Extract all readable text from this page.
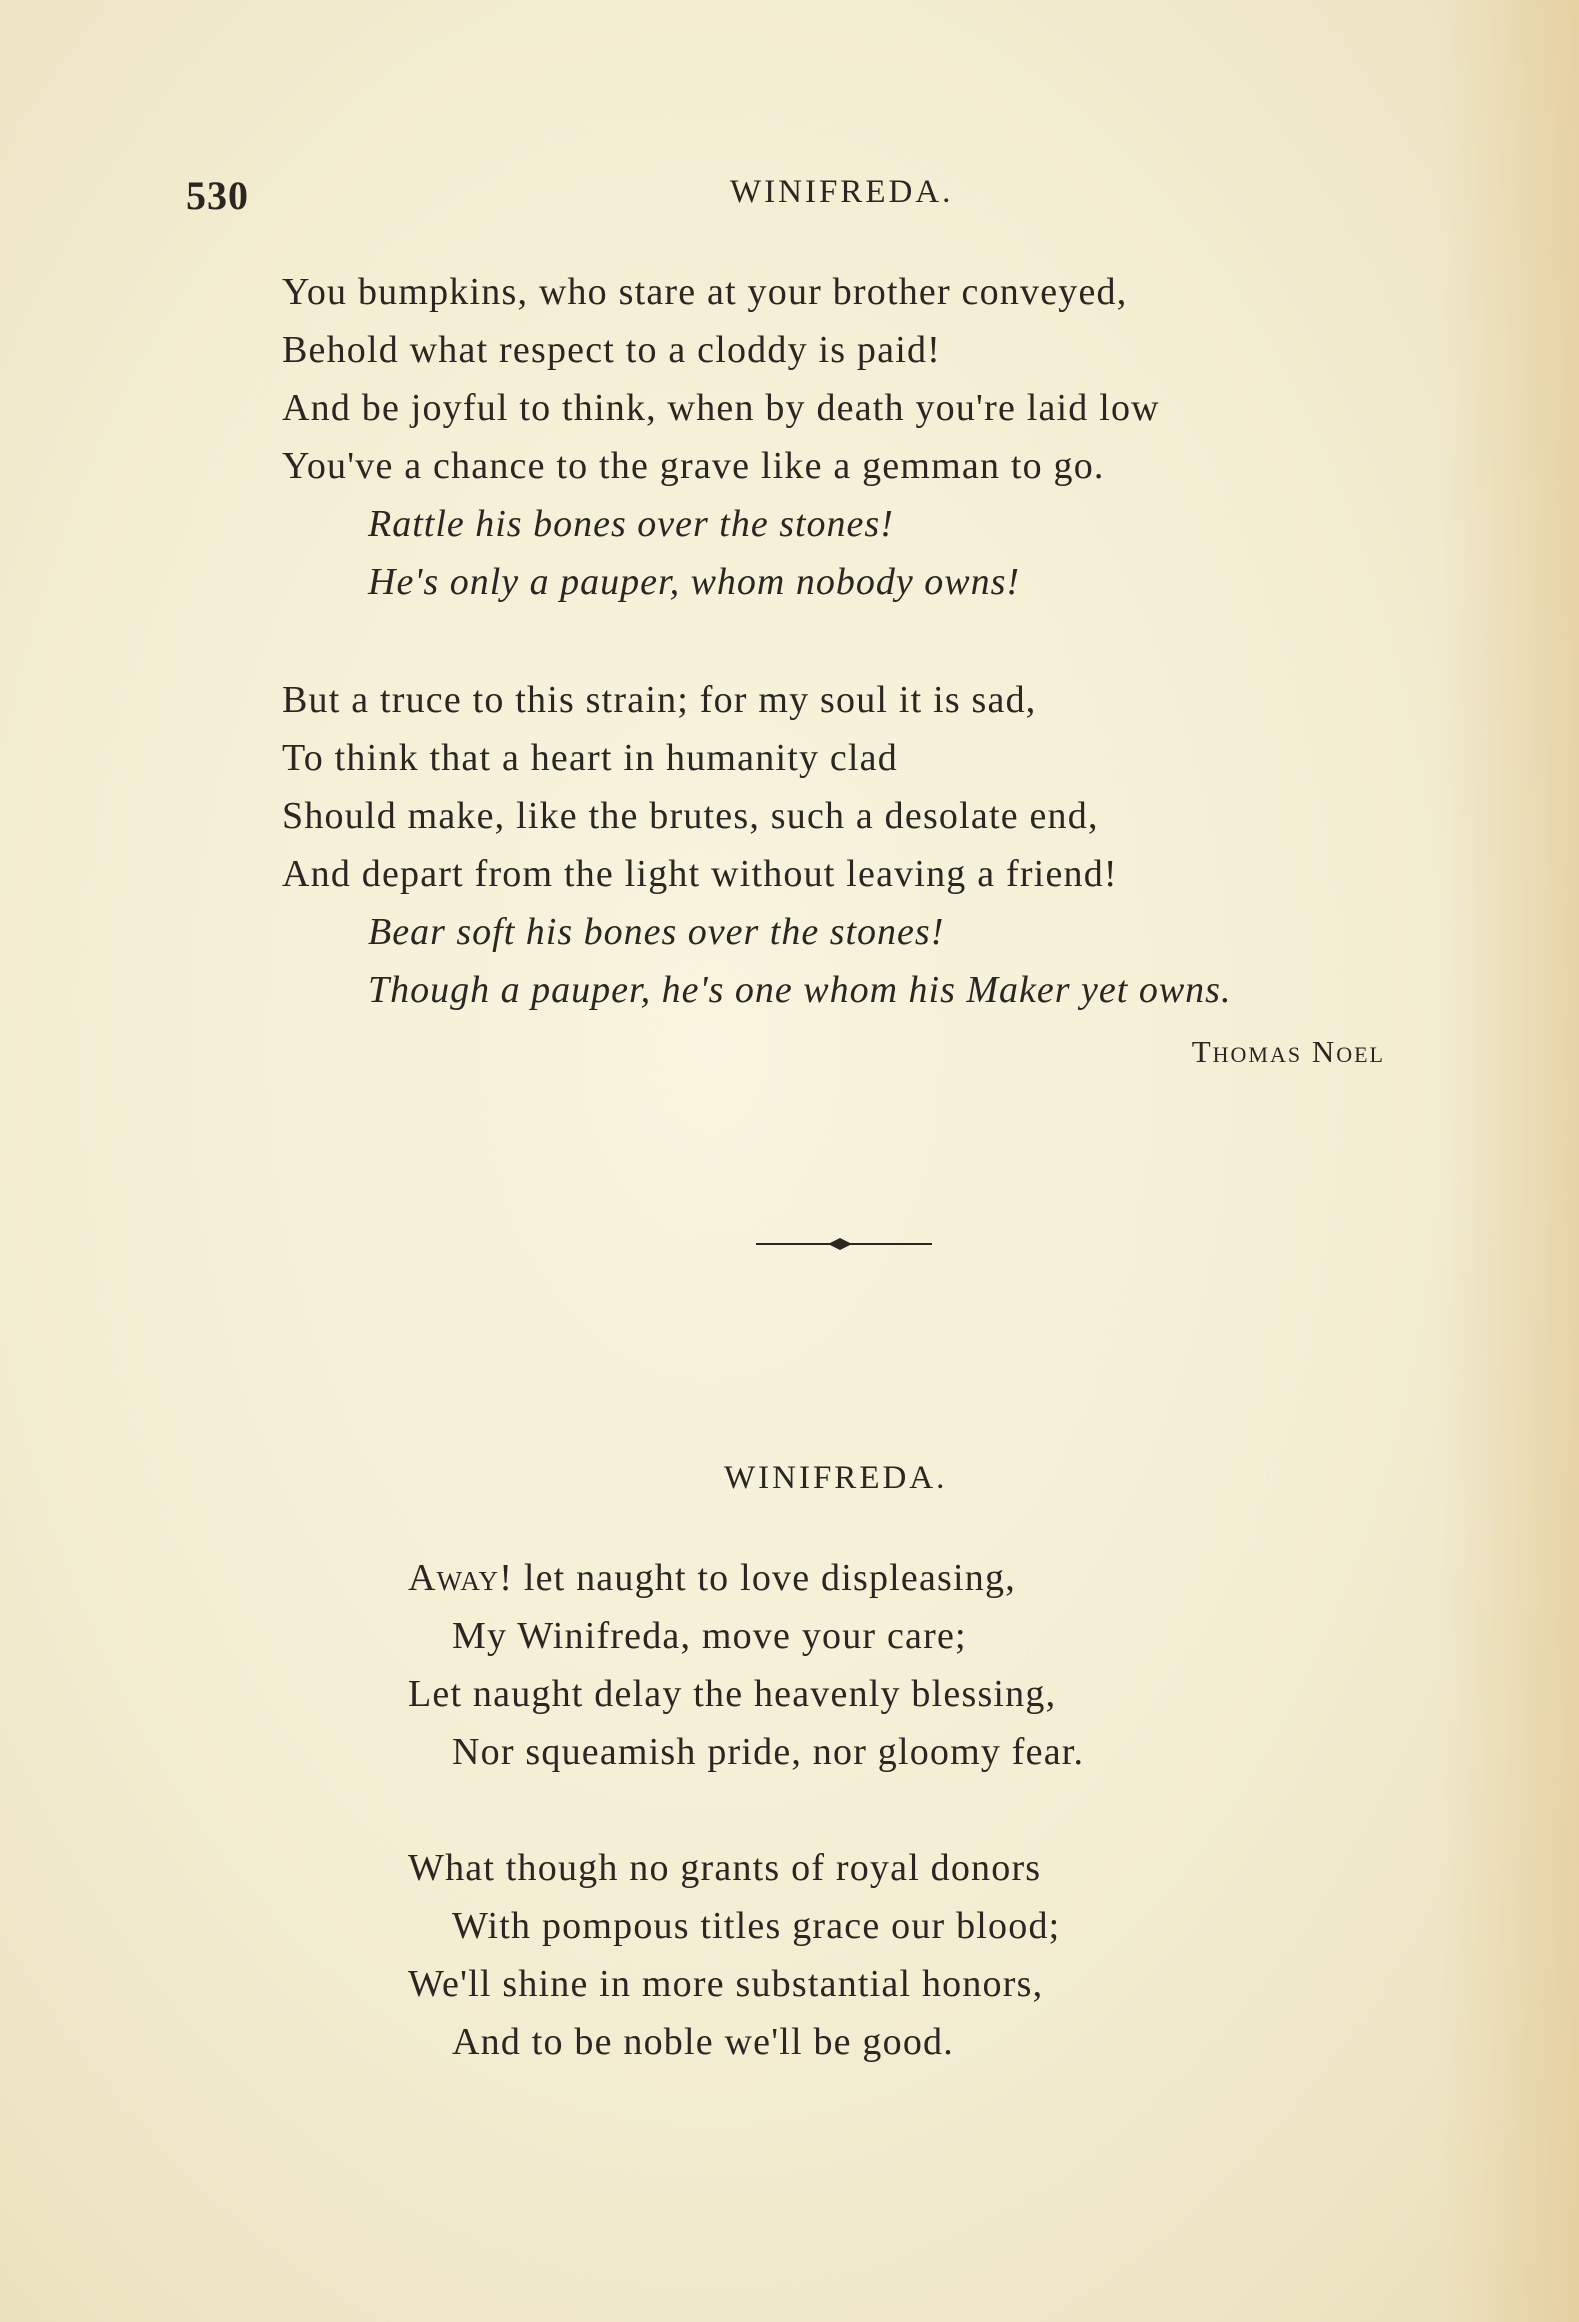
530	WINIFREDA.
You bumpkins, who stare at your brother conveyed,
Behold what respect to a cloddy is paid!
And be joyful to think, when by death you're laid low
You've a chance to the grave like a gemman to go.
Rattle his bones over the stones!
He's only a pauper, whom nobody owns!
But a truce to this strain; for my soul it is sad,
To think that a heart in humanity clad
Should make, like the brutes, such a desolate end,
And depart from the light without leaving a friend!
Bear soft his bones over the stones!
Though a pauper, he's one whom his Maker yet owns.
Thomas Noel
WINIFREDA.
Away! let naught to love displeasing,
My Winifreda, move your care;
Let naught delay the heavenly blessing,
Nor squeamish pride, nor gloomy fear.
What though no grants of royal donors
With pompous titles grace our blood;
We'll shine in more substantial honors,
And to be noble we'll be good.
